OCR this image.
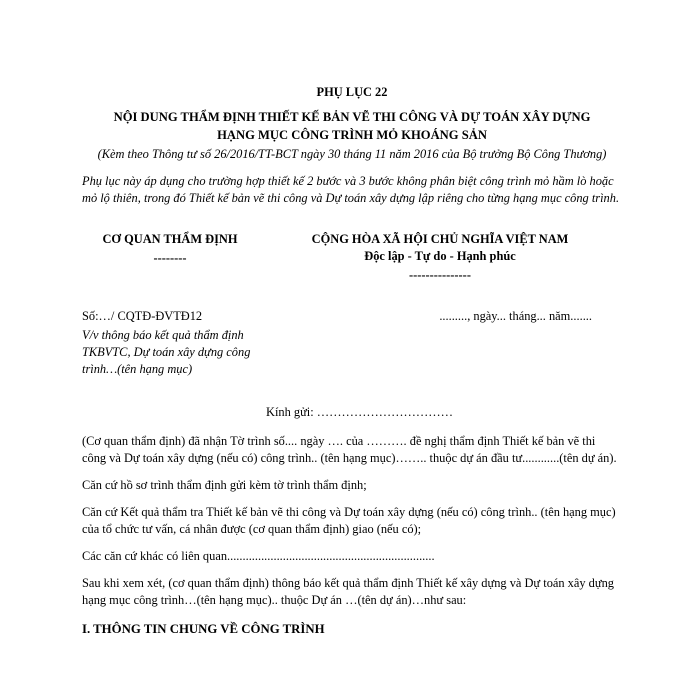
PHỤ LỤC 22

NỘI DUNG THẨM ĐỊNH THIẾT KẾ BẢN VẼ THI CÔNG VÀ DỰ TOÁN XÂY DỰNG
HẠNG MỤC CÔNG TRÌNH MỎ KHOÁNG SẢN

(Kèm theo Thông tư số 26/2016/TT-BCT ngày 30 tháng 11 năm 2016 của Bộ trưởng Bộ Công Thương)

Phụ lục này áp dụng cho trường hợp thiết kế 2 bước và 3 bước không phân biệt công trình mỏ hầm lò hoặc mỏ lộ thiên, trong đó Thiết kế bản vẽ thi công và Dự toán xây dựng lập riêng cho từng hạng mục công trình.

CƠ QUAN THẨM ĐỊNH
--------
CỘNG HÒA XÃ HỘI CHỦ NGHĨA VIỆT NAM
Độc lập - Tự do - Hạnh phúc
---------------
Số:…/ CQTĐ-ĐVTĐ12
V/v thông báo kết quả thẩm định TKBVTC, Dự toán xây dựng công trình…(tên hạng mục)
........., ngày... tháng... năm.......
Kính gửi: ……………………………

(Cơ quan thẩm định) đã nhận Tờ trình số.... ngày …. của ………. đề nghị thẩm định Thiết kế bản vẽ thi công và Dự toán xây dựng (nếu có) công trình.. (tên hạng mục)…….. thuộc dự án đầu tư............(tên dự án).

Căn cứ hồ sơ trình thẩm định gửi kèm tờ trình thẩm định;

Căn cứ Kết quả thẩm tra Thiết kế bản vẽ thi công và Dự toán xây dựng (nếu có) công trình.. (tên hạng mục) của tổ chức tư vấn, cá nhân được (cơ quan thẩm định) giao (nếu có);

Các căn cứ khác có liên quan...................................................................

Sau khi xem xét, (cơ quan thẩm định) thông báo kết quả thẩm định Thiết kế xây dựng và Dự toán xây dựng hạng mục công trình…(tên hạng mục).. thuộc Dự án …(tên dự án)…như sau:

I. THÔNG TIN CHUNG VỀ CÔNG TRÌNH
